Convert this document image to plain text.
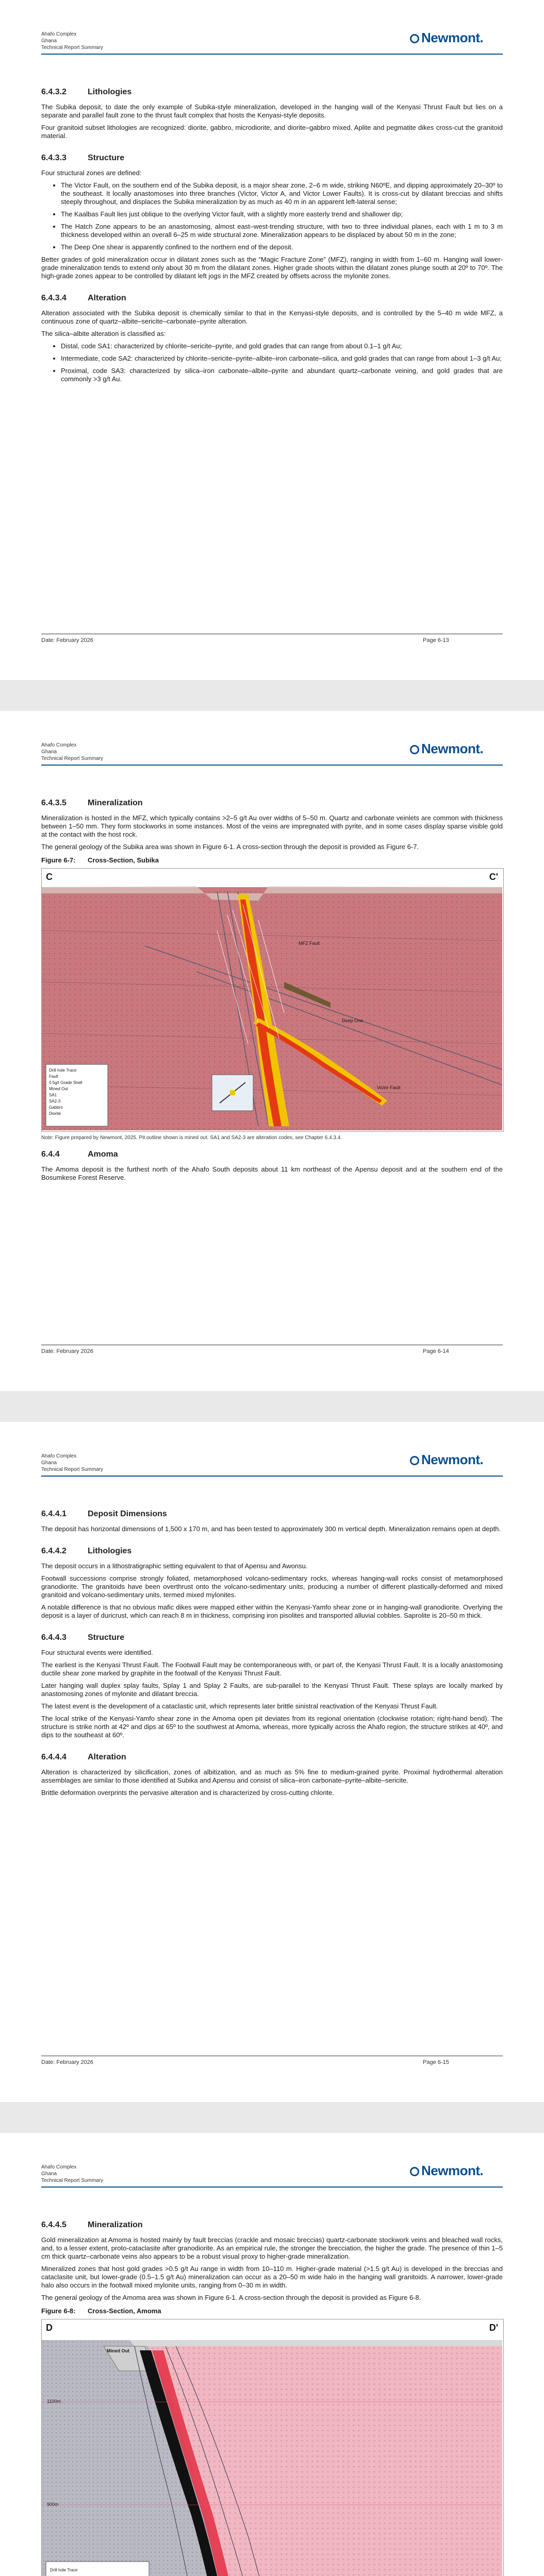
Ahafo Complex
Ghana
Technical Report Summary
Newmont.
6.4.3.2	Lithologies

The Subika deposit, to date the only example of Subika-style mineralization, developed in the hanging wall of the Kenyasi Thrust Fault but lies on a separate and parallel fault zone to the thrust fault complex that hosts the Kenyasi-style deposits.

Four granitoid subset lithologies are recognized: diorite, gabbro, microdiorite, and diorite–gabbro mixed. Aplite and pegmatite dikes cross-cut the granitoid material.

6.4.3.3	Structure

Four structural zones are defined:

• The Victor Fault, on the southern end of the Subika deposit, is a major shear zone, 2–6 m wide, striking N60ºE, and dipping approximately 20–30º to the southeast. It locally anastomoses into three branches (Victor, Victor A, and Victor Lower Faults). It is cross-cut by dilatant breccias and shifts steeply throughout, and displaces the Subika mineralization by as much as 40 m in an apparent left-lateral sense;
• The Kaalbas Fault lies just oblique to the overlying Victor fault, with a slightly more easterly trend and shallower dip;
• The Hatch Zone appears to be an anastomosing, almost east–west-trending structure, with two to three individual planes, each with 1 m to 3 m thickness developed within an overall 6–25 m wide structural zone. Mineralization appears to be displaced by about 50 m in the zone;
• The Deep One shear is apparently confined to the northern end of the deposit.

Better grades of gold mineralization occur in dilatant zones such as the “Magic Fracture Zone” (MFZ), ranging in width from 1–60 m. Hanging wall lower-grade mineralization tends to extend only about 30 m from the dilatant zones. Higher grade shoots within the dilatant zones plunge south at 20º to 70º. The high-grade zones appear to be controlled by dilatant left jogs in the MFZ created by offsets across the mylonite zones.

6.4.3.4	Alteration

Alteration associated with the Subika deposit is chemically similar to that in the Kenyasi-style deposits, and is controlled by the 5–40 m wide MFZ, a continuous zone of quartz–albite–sericite–carbonate–pyrite alteration.

The silica–albite alteration is classified as:

• Distal, code SA1: characterized by chlorite–sericite–pyrite, and gold grades that can range from about 0.1–1 g/t Au;
• Intermediate, code SA2: characterized by chlorite–sericite–pyrite–albite–iron carbonate–silica, and gold grades that can range from about 1–3 g/t Au;
• Proximal, code SA3: characterized by silica–iron carbonate–albite–pyrite and abundant quartz–carbonate veining, and gold grades that are commonly >3 g/t Au.
Date: February 2026	Page 6-13
Ahafo Complex
Ghana
Technical Report Summary
Newmont.
6.4.3.5	Mineralization

Mineralization is hosted in the MFZ, which typically contains >2–5 g/t Au over widths of 5–50 m. Quartz and carbonate veinlets are common with thickness between 1–50 mm. They form stockworks in some instances. Most of the veins are impregnated with pyrite, and in some cases display sparse visible gold at the contact with the host rock.

The general geology of the Subika area was shown in Figure 6-1. A cross-section through the deposit is provided as Figure 6-7.

Figure 6-7: Cross-Section, Subika
C	C'
MFZ Fault
Deep One
Victor Fault
Drill hole Trace
Fault
0.5g/t Grade Shell
Mined Out
SA1
SA2-3
Gabbro
Diorite
Note: Figure prepared by Newmont, 2025. Pit outline shown is mined out. SA1 and SA2-3 are alteration codes, see Chapter 6.4.3.4.
6.4.4	Amoma

The Amoma deposit is the furthest north of the Ahafo South deposits about 11 km northeast of the Apensu deposit and at the southern end of the Bosumkese Forest Reserve.

Date: February 2026	Page 6-14
Ahafo Complex
Ghana
Technical Report Summary
Newmont.
6.4.4.1	Deposit Dimensions

The deposit has horizontal dimensions of 1,500 x 170 m, and has been tested to approximately 300 m vertical depth. Mineralization remains open at depth.

6.4.4.2	Lithologies

The deposit occurs in a lithostratigraphic setting equivalent to that of Apensu and Awonsu.

Footwall successions comprise strongly foliated, metamorphosed volcano-sedimentary rocks, whereas hanging-wall rocks consist of metamorphosed granodiorite. The granitoids have been overthrust onto the volcano-sedimentary units, producing a number of different plastically-deformed and mixed granitoid and volcano-sedimentary units, termed mixed mylonites.

A notable difference is that no obvious mafic dikes were mapped either within the Kenyasi-Yamfo shear zone or in hanging-wall granodiorite. Overlying the deposit is a layer of duricrust, which can reach 8 m in thickness, comprising iron pisolites and transported alluvial cobbles. Saprolite is 20–50 m thick.

6.4.4.3	Structure

Four structural events were identified.

The earliest is the Kenyasi Thrust Fault. The Footwall Fault may be contemporaneous with, or part of, the Kenyasi Thrust Fault. It is a locally anastomosing ductile shear zone marked by graphite in the footwall of the Kenyasi Thrust Fault.

Later hanging wall duplex splay faults, Splay 1 and Splay 2 Faults, are sub-parallel to the Kenyasi Thrust Fault. These splays are locally marked by anastomosing zones of mylonite and dilatant breccia.

The latest event is the development of a cataclastic unit, which represents later brittle sinistral reactivation of the Kenyasi Thrust Fault.

The local strike of the Kenyasi-Yamfo shear zone in the Amoma open pit deviates from its regional orientation (clockwise rotation; right-hand bend). The structure is strike north at 42º and dips at 65º to the southwest at Amoma, whereas, more typically across the Ahafo region, the structure strikes at 40º, and dips to the southeast at 60º.

6.4.4.4	Alteration

Alteration is characterized by silicification, zones of albitization, and as much as 5% fine to medium-grained pyrite. Proximal hydrothermal alteration assemblages are similar to those identified at Subika and Apensu and consist of silica–iron carbonate–pyrite–albite–sericite.

Brittle deformation overprints the pervasive alteration and is characterized by cross-cutting chlorite.

Date: February 2026	Page 6-15
Ahafo Complex
Ghana
Technical Report Summary
Newmont.
6.4.4.5	Mineralization

Gold mineralization at Amoma is hosted mainly by fault breccias (crackle and mosaic breccias) quartz-carbonate stockwork veins and bleached wall rocks, and, to a lesser extent, proto-cataclasite after granodiorite. As an empirical rule, the stronger the brecciation, the higher the grade. The presence of thin 1–5 cm thick quartz–carbonate veins also appears to be a robust visual proxy to higher-grade mineralization.

Mineralized zones that host gold grades >0.5 g/t Au range in width from 10–110 m. Higher-grade material (>1.5 g/t Au) is developed in the breccias and cataclasite unit, but lower-grade (0.5–1.5 g/t Au) mineralization can occur as a 20–50 m wide halo in the hanging wall granitoids. A narrower, lower-grade halo also occurs in the footwall mixed mylonite units, ranging from 0–30 m in width.

The general geology of the Amoma area was shown in Figure 6-1. A cross-section through the deposit is provided as Figure 6-8.

Figure 6-8: Cross-Section, Amoma
D	D'
Mined Out
1100m
900m
Drill hole Trace
